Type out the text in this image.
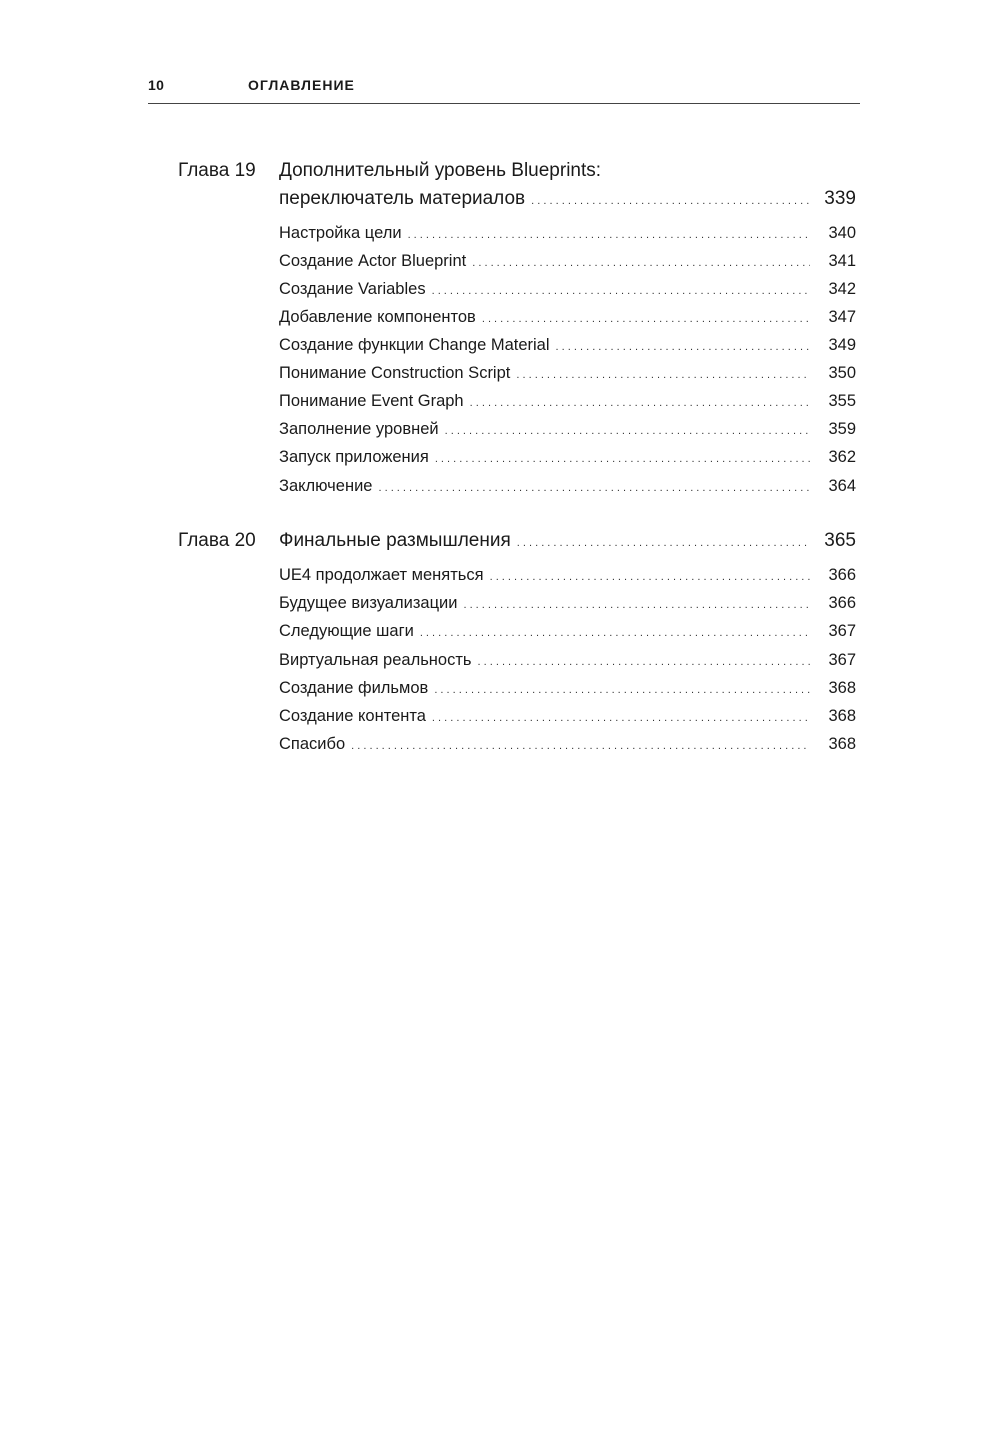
10	ОГЛАВЛЕНИЕ
Глава 19 Дополнительный уровень Blueprints:
переключатель материалов . . .	339
Настройка цели . . .	340
Создание Actor Blueprint . . .	341
Создание Variables . . .	342
Добавление компонентов . . .	347
Создание функции Change Material . . .	349
Понимание Construction Script . . .	350
Понимание Event Graph . . .	355
Заполнение уровней . . .	359
Запуск приложения . . .	362
Заключение . . .	364
Глава 20 Финальные размышления . . .	365
UE4 продолжает меняться . . .	366
Будущее визуализации . . .	366
Следующие шаги . . .	367
Виртуальная реальность . . .	367
Создание фильмов . . .	368
Создание контента . . .	368
Спасибо . . .	368
